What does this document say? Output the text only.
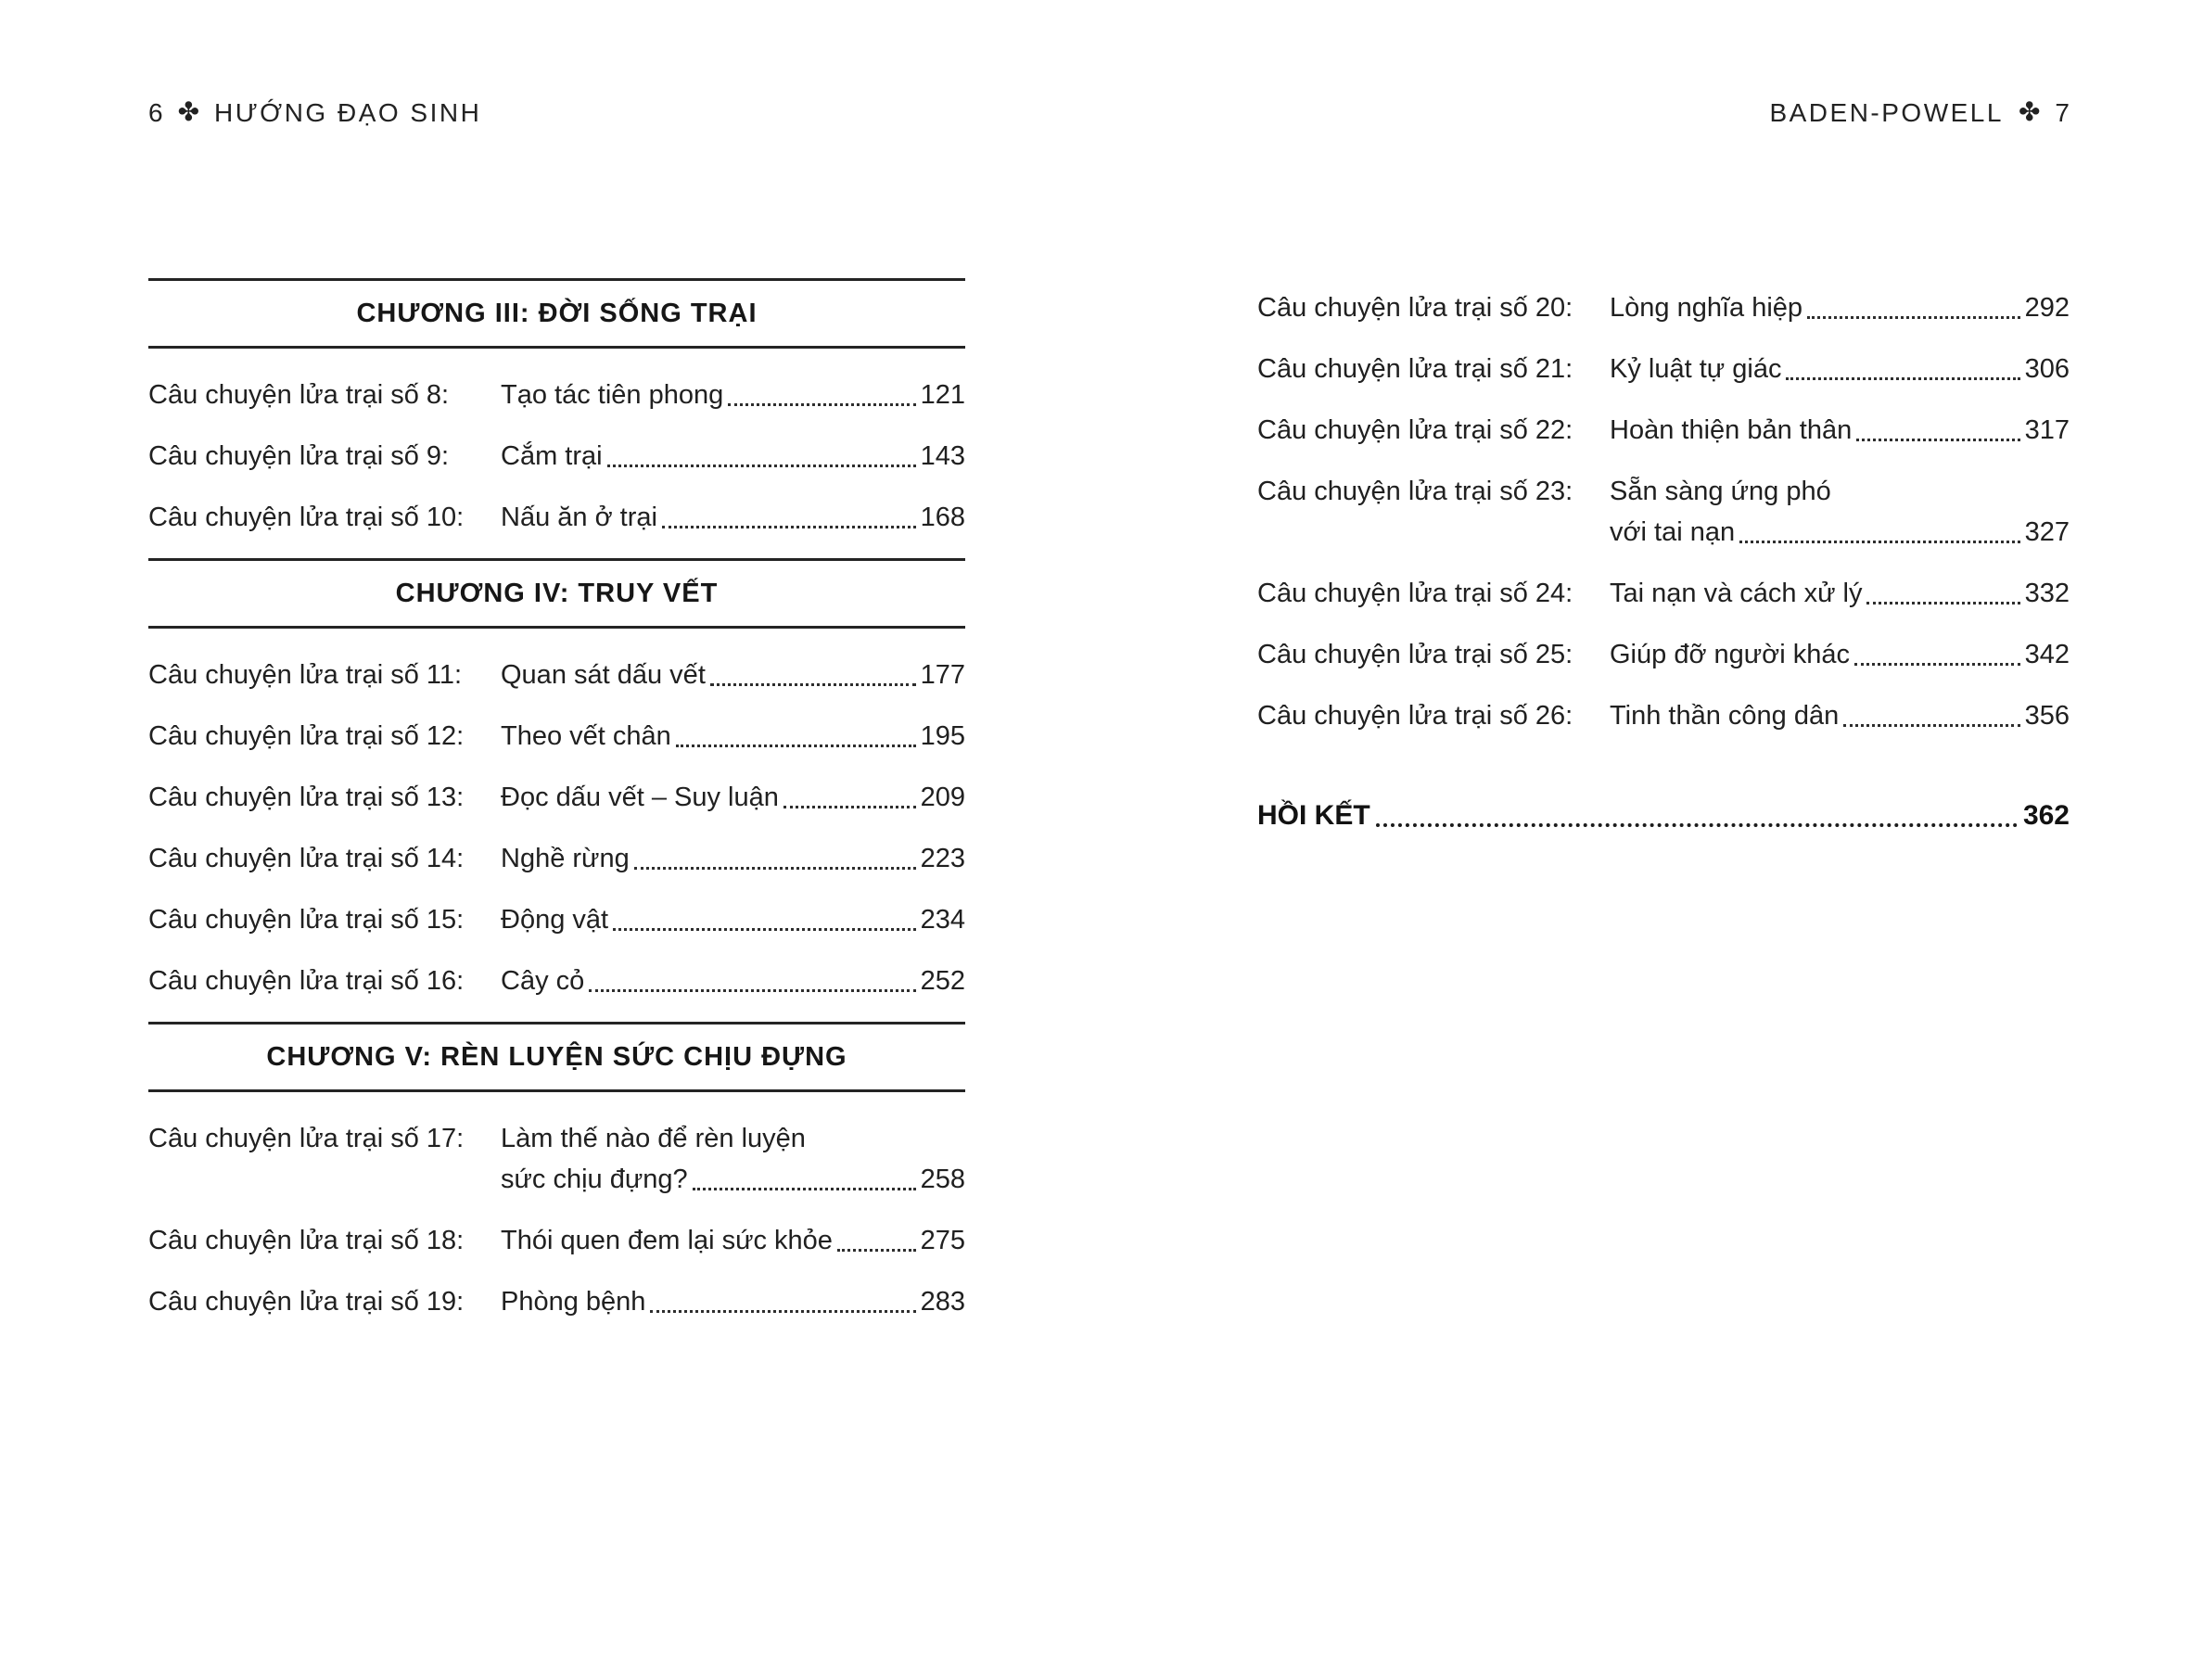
6 ✤ HƯỚNG ĐẠO SINH
CHƯƠNG III: ĐỜI SỐNG TRẠI
Câu chuyện lửa trại số 8:	Tạo tác tiên phong	121
Câu chuyện lửa trại số 9:	Cắm trại	143
Câu chuyện lửa trại số 10:	Nấu ăn ở trại	168
CHƯƠNG IV: TRUY VẾT
Câu chuyện lửa trại số 11:	Quan sát dấu vết	177
Câu chuyện lửa trại số 12:	Theo vết chân	195
Câu chuyện lửa trại số 13:	Đọc dấu vết – Suy luận	209
Câu chuyện lửa trại số 14:	Nghề rừng	223
Câu chuyện lửa trại số 15:	Động vật	234
Câu chuyện lửa trại số 16:	Cây cỏ	252
CHƯƠNG V: RÈN LUYỆN SỨC CHỊU ĐỰNG
Câu chuyện lửa trại số 17:	Làm thế nào để rèn luyện
sức chịu đựng?	258
Câu chuyện lửa trại số 18:	Thói quen đem lại sức khỏe	275
Câu chuyện lửa trại số 19:	Phòng bệnh	283
BADEN-POWELL ✤ 7
Câu chuyện lửa trại số 20:	Lòng nghĩa hiệp	292
Câu chuyện lửa trại số 21:	Kỷ luật tự giác	306
Câu chuyện lửa trại số 22:	Hoàn thiện bản thân	317
Câu chuyện lửa trại số 23:	Sẵn sàng ứng phó
với tai nạn	327
Câu chuyện lửa trại số 24:	Tai nạn và cách xử lý	332
Câu chuyện lửa trại số 25:	Giúp đỡ người khác	342
Câu chuyện lửa trại số 26:	Tinh thần công dân	356
HỒI KẾT	362
